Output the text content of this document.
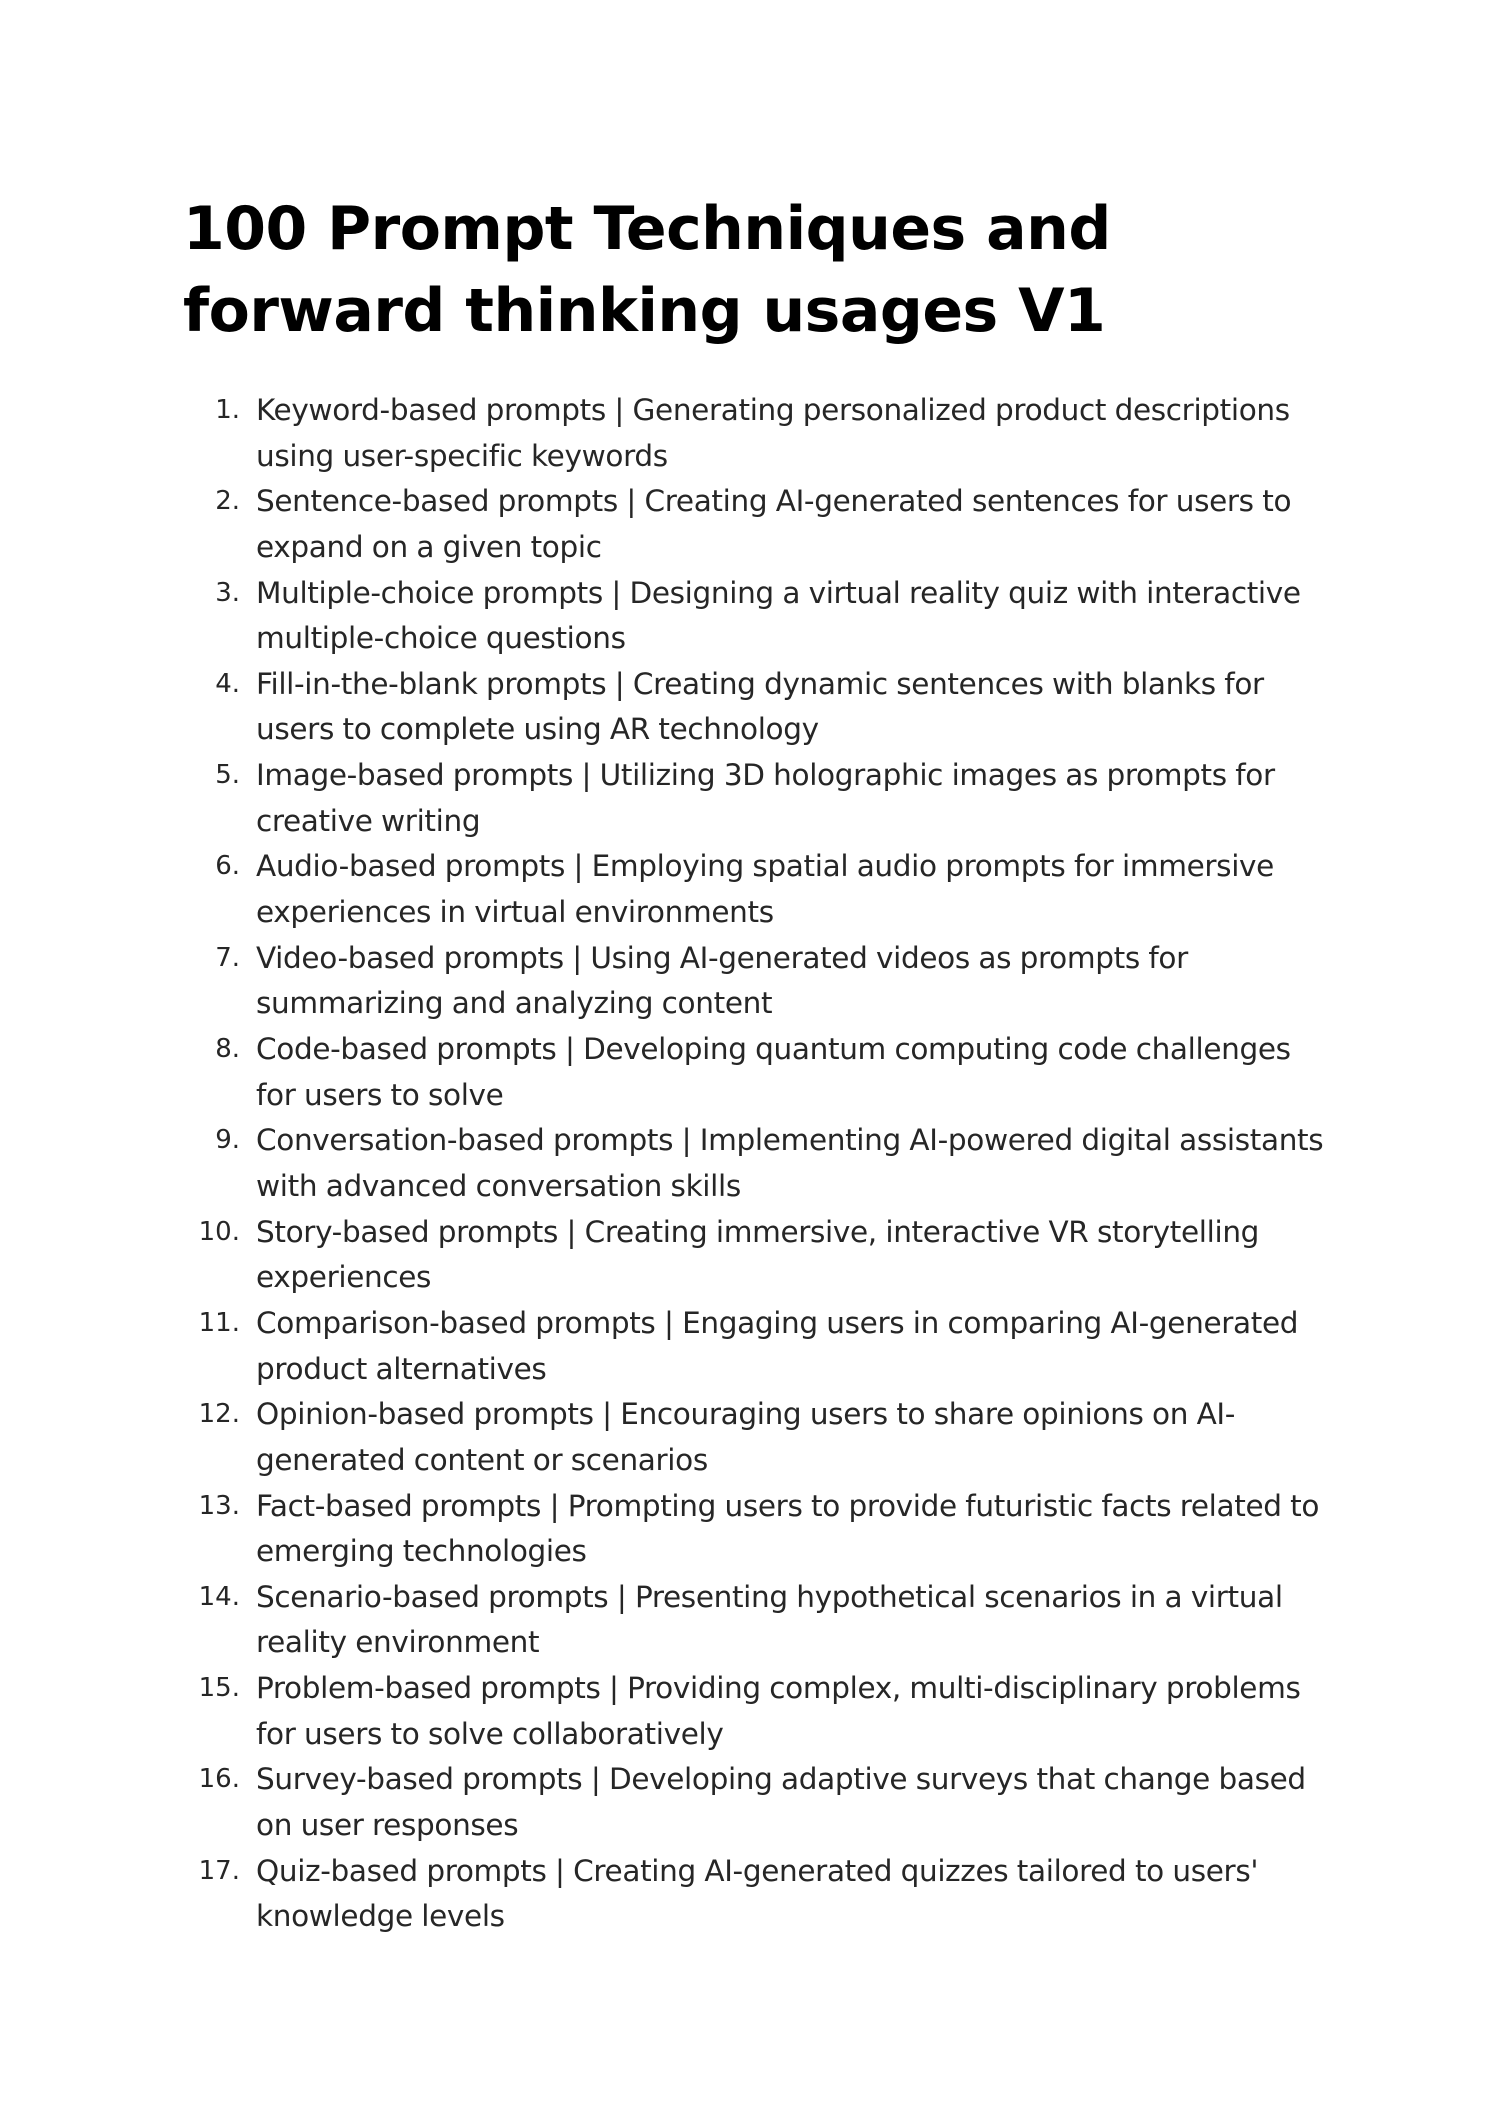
100 Prompt Techniques and forward thinking usages V1
1. Keyword-based prompts | Generating personalized product descriptions using user-specific keywords
2. Sentence-based prompts | Creating AI-generated sentences for users to expand on a given topic
3. Multiple-choice prompts | Designing a virtual reality quiz with interactive multiple-choice questions
4. Fill-in-the-blank prompts | Creating dynamic sentences with blanks for users to complete using AR technology
5. Image-based prompts | Utilizing 3D holographic images as prompts for creative writing
6. Audio-based prompts | Employing spatial audio prompts for immersive experiences in virtual environments
7. Video-based prompts | Using AI-generated videos as prompts for summarizing and analyzing content
8. Code-based prompts | Developing quantum computing code challenges for users to solve
9. Conversation-based prompts | Implementing AI-powered digital assistants with advanced conversation skills
10. Story-based prompts | Creating immersive, interactive VR storytelling experiences
11. Comparison-based prompts | Engaging users in comparing AI-generated product alternatives
12. Opinion-based prompts | Encouraging users to share opinions on AI-generated content or scenarios
13. Fact-based prompts | Prompting users to provide futuristic facts related to emerging technologies
14. Scenario-based prompts | Presenting hypothetical scenarios in a virtual reality environment
15. Problem-based prompts | Providing complex, multi-disciplinary problems for users to solve collaboratively
16. Survey-based prompts | Developing adaptive surveys that change based on user responses
17. Quiz-based prompts | Creating AI-generated quizzes tailored to users' knowledge levels
